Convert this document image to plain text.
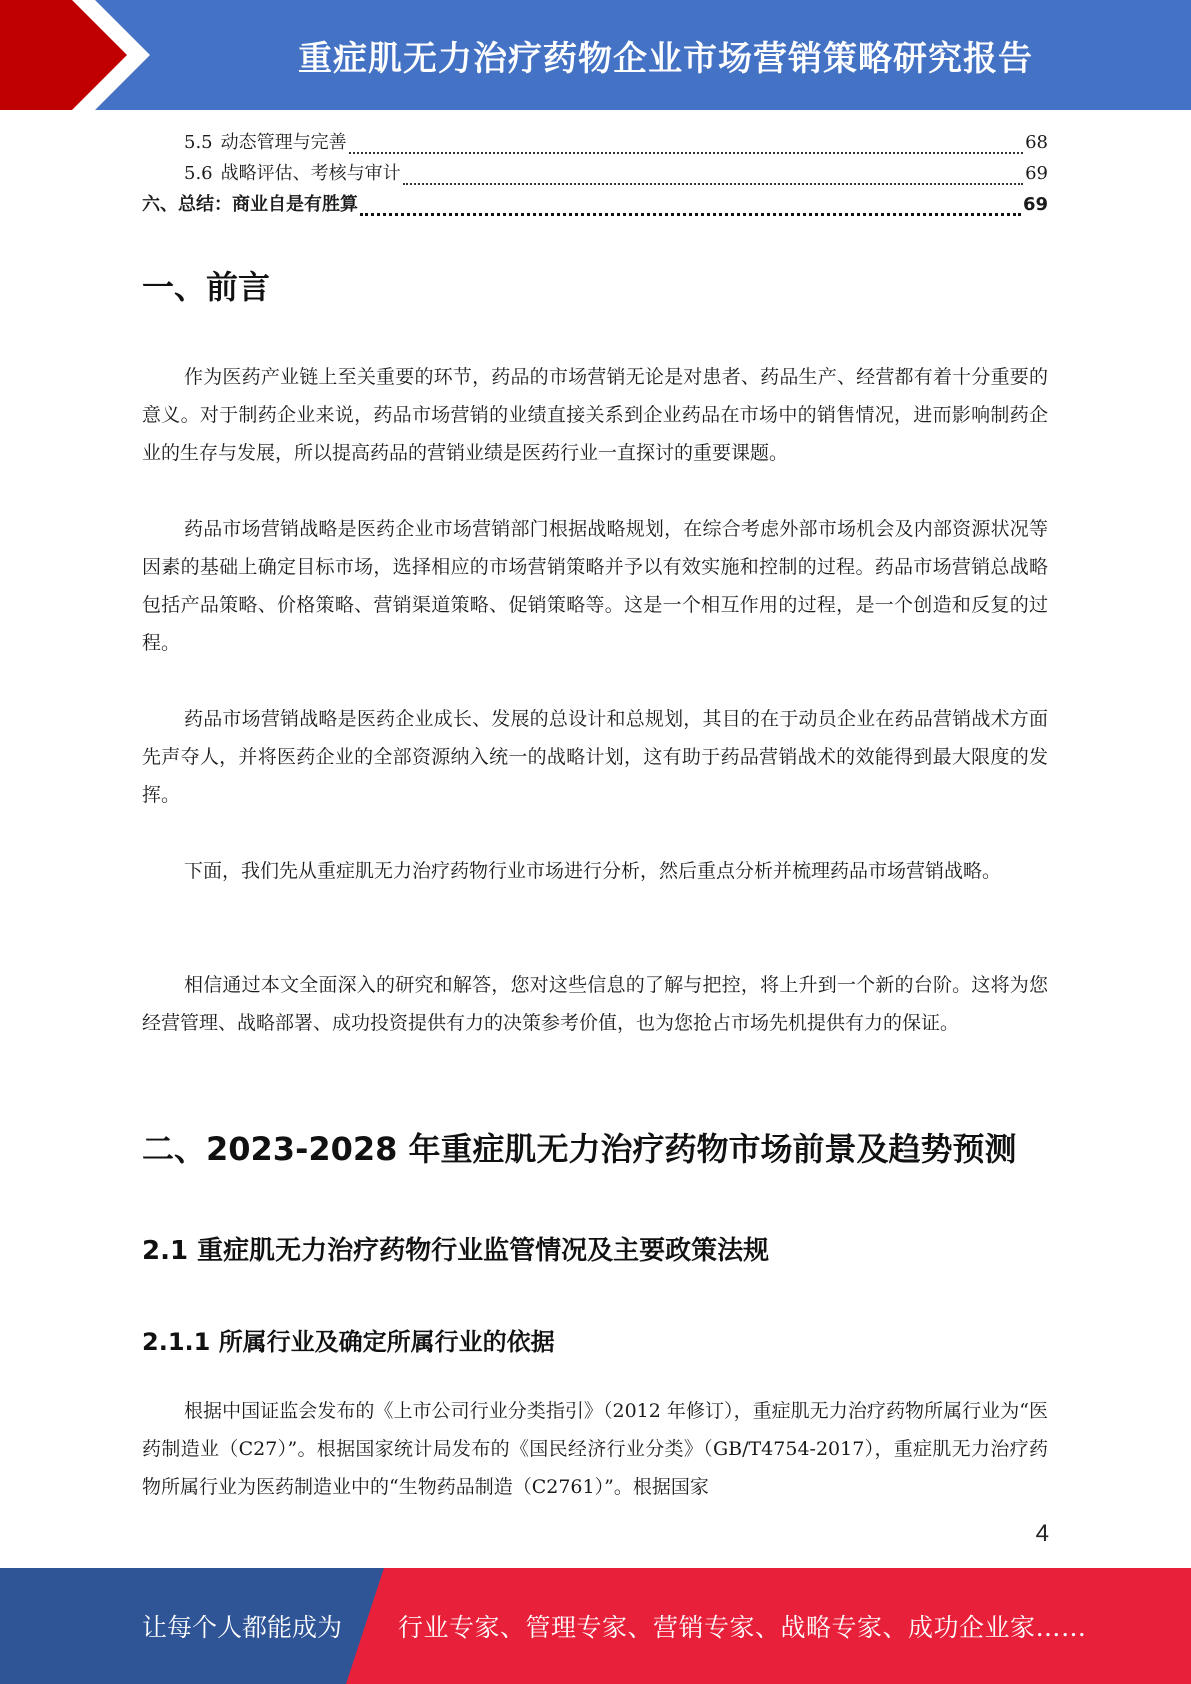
重症肌无力治疗药物企业市场营销策略研究报告
5.5 动态管理与完善	68
5.6 战略评估、考核与审计	69
六、总结：商业自是有胜算	69
一、前言

作为医药产业链上至关重要的环节，药品的市场营销无论是对患者、药品生产、经营都有着十分重要的意义。对于制药企业来说，药品市场营销的业绩直接关系到企业药品在市场中的销售情况，进而影响制药企业的生存与发展，所以提高药品的营销业绩是医药行业一直探讨的重要课题。

药品市场营销战略是医药企业市场营销部门根据战略规划，在综合考虑外部市场机会及内部资源状况等因素的基础上确定目标市场，选择相应的市场营销策略并予以有效实施和控制的过程。药品市场营销总战略包括产品策略、价格策略、营销渠道策略、促销策略等。这是一个相互作用的过程，是一个创造和反复的过程。

药品市场营销战略是医药企业成长、发展的总设计和总规划，其目的在于动员企业在药品营销战术方面先声夺人，并将医药企业的全部资源纳入统一的战略计划，这有助于药品营销战术的效能得到最大限度的发挥。

下面，我们先从重症肌无力治疗药物行业市场进行分析，然后重点分析并梳理药品市场营销战略。

相信通过本文全面深入的研究和解答，您对这些信息的了解与把控，将上升到一个新的台阶。这将为您经营管理、战略部署、成功投资提供有力的决策参考价值，也为您抢占市场先机提供有力的保证。

二、2023-2028 年重症肌无力治疗药物市场前景及趋势预测
2.1 重症肌无力治疗药物行业监管情况及主要政策法规
2.1.1 所属行业及确定所属行业的依据

根据中国证监会发布的《上市公司行业分类指引》（2012 年修订），重症肌无力治疗药物所属行业为“医药制造业（C27）”。根据国家统计局发布的《国民经济行业分类》（GB/T4754-2017），重症肌无力治疗药物所属行业为医药制造业中的“生物药品制造（C2761）”。根据国家

4
让每个人都能成为 行业专家、管理专家、营销专家、战略专家、成功企业家……
